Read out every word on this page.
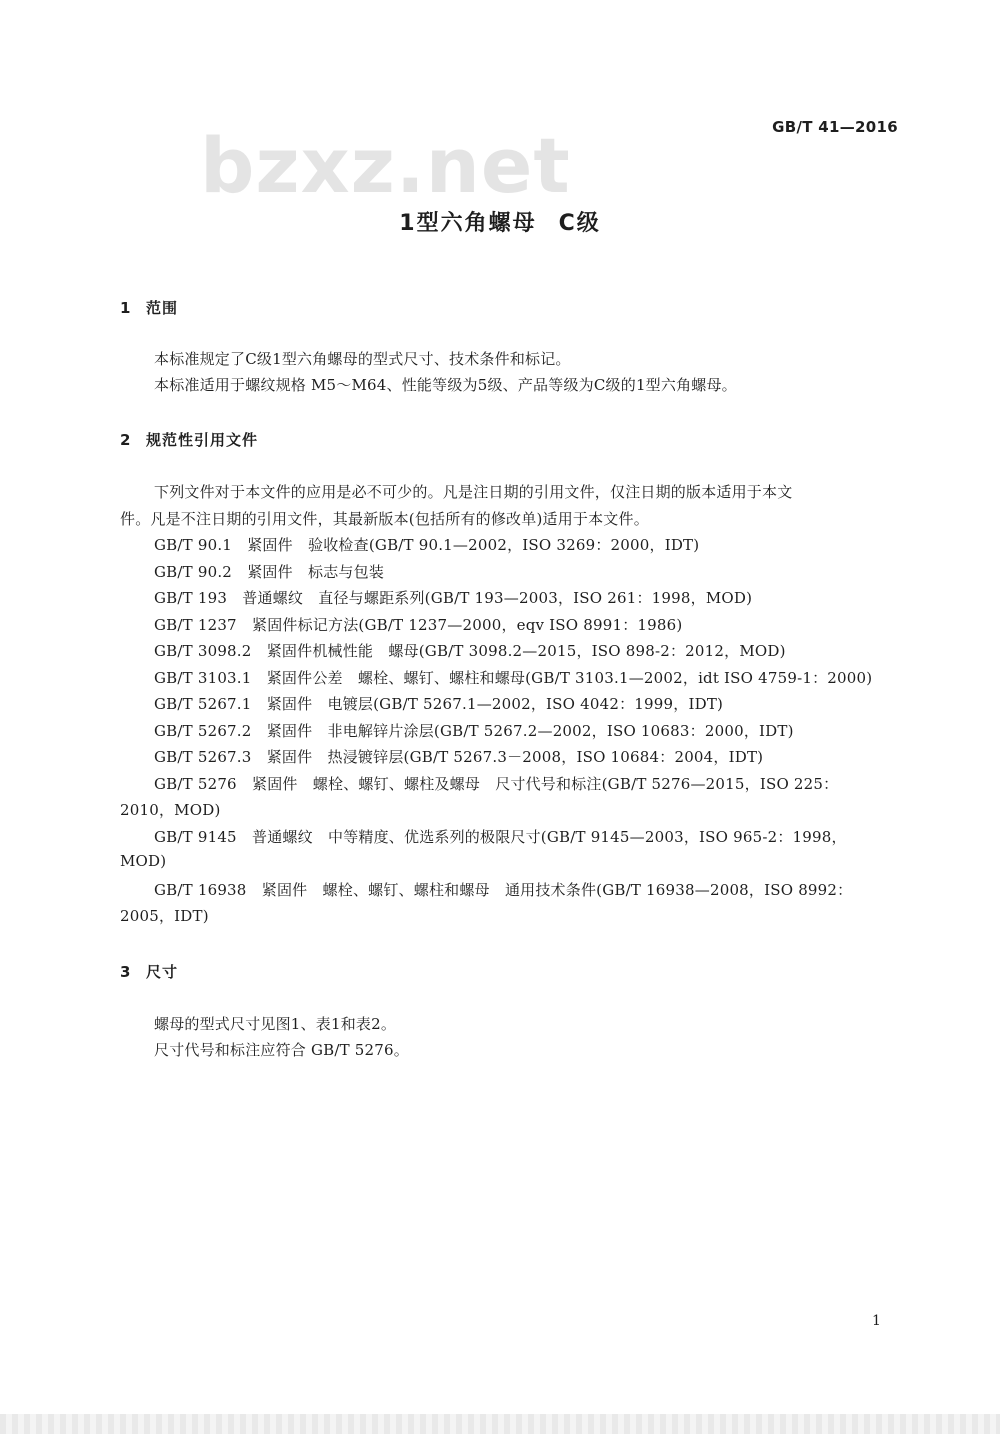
GB/T 41—2016
bzxz.net
1型六角螺母 C级
1 范围
本标准规定了C级1型六角螺母的型式尺寸、技术条件和标记。
本标准适用于螺纹规格 M5～M64、性能等级为5级、产品等级为C级的1型六角螺母。
2 规范性引用文件
下列文件对于本文件的应用是必不可少的。凡是注日期的引用文件，仅注日期的版本适用于本文
件。凡是不注日期的引用文件，其最新版本(包括所有的修改单)适用于本文件。
GB/T 90.1　紧固件　验收检查(GB/T 90.1—2002，ISO 3269：2000，IDT)
GB/T 90.2　紧固件　标志与包装
GB/T 193　普通螺纹　直径与螺距系列(GB/T 193—2003，ISO 261：1998，MOD)
GB/T 1237　紧固件标记方法(GB/T 1237—2000，eqv ISO 8991：1986)
GB/T 3098.2　紧固件机械性能　螺母(GB/T 3098.2—2015，ISO 898-2：2012，MOD)
GB/T 3103.1　紧固件公差　螺栓、螺钉、螺柱和螺母(GB/T 3103.1—2002，idt ISO 4759-1：2000)
GB/T 5267.1　紧固件　电镀层(GB/T 5267.1—2002，ISO 4042：1999，IDT)
GB/T 5267.2　紧固件　非电解锌片涂层(GB/T 5267.2—2002，ISO 10683：2000，IDT)
GB/T 5267.3　紧固件　热浸镀锌层(GB/T 5267.3－2008，ISO 10684：2004，IDT)
GB/T 5276　紧固件　螺栓、螺钉、螺柱及螺母　尺寸代号和标注(GB/T 5276—2015，ISO 225：
2010，MOD)
GB/T 9145　普通螺纹　中等精度、优选系列的极限尺寸(GB/T 9145—2003，ISO 965-2：1998，
MOD)
GB/T 16938　紧固件　螺栓、螺钉、螺柱和螺母　通用技术条件(GB/T 16938—2008，ISO 8992：
2005，IDT)
3 尺寸
螺母的型式尺寸见图1、表1和表2。
尺寸代号和标注应符合 GB/T 5276。
1
